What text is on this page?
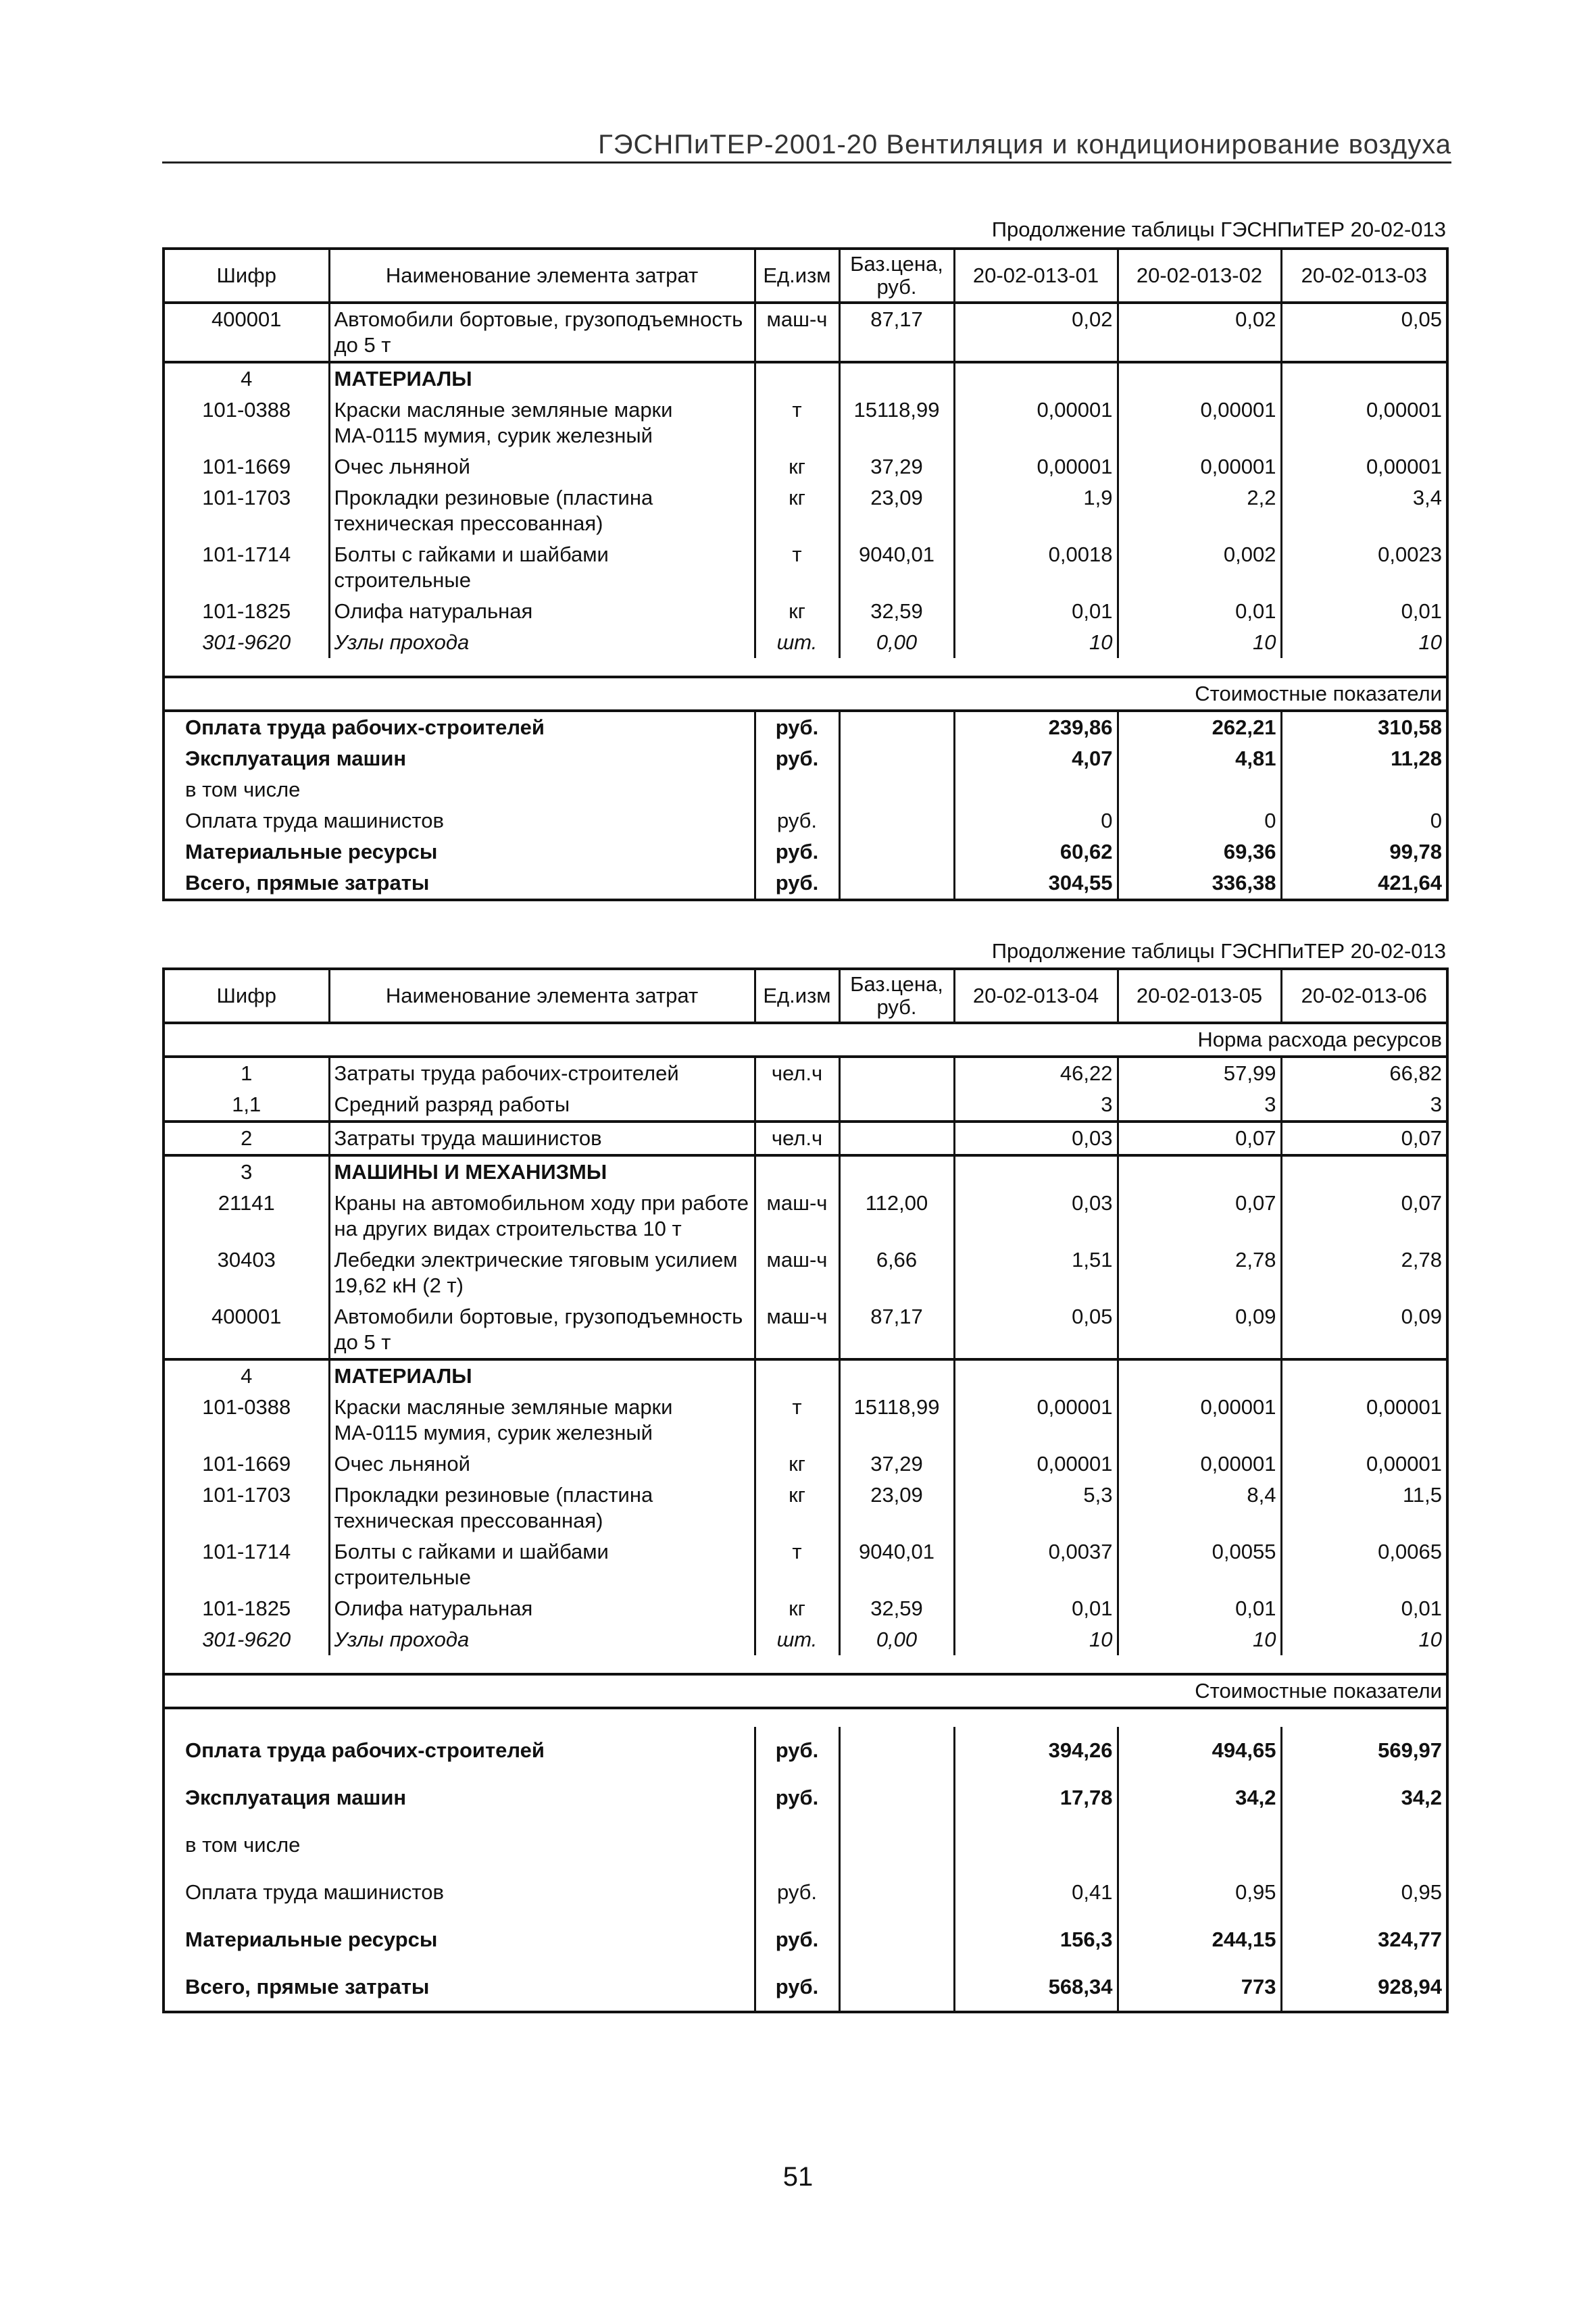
ГЭСНПиТЕР-2001-20 Вентиляция и кондиционирование воздуха
Продолжение таблицы ГЭСНПиТЕР 20-02-013
Шифр	Наименование элемента затрат	Ед.изм	Баз.цена, руб.	20-02-013-01	20-02-013-02	20-02-013-03
400001	Автомобили бортовые, грузоподъемность до 5 т	маш-ч	87,17	0,02	0,02	0,05
4	МАТЕРИАЛЫ					
101-0388	Краски масляные земляные марки МА-0115 мумия, сурик железный	т	15118,99	0,00001	0,00001	0,00001
101-1669	Очес льняной	кг	37,29	0,00001	0,00001	0,00001
101-1703	Прокладки резиновые (пластина техническая прессованная)	кг	23,09	1,9	2,2	3,4
101-1714	Болты с гайками и шайбами строительные	т	9040,01	0,0018	0,002	0,0023
101-1825	Олифа натуральная	кг	32,59	0,01	0,01	0,01
301-9620	Узлы прохода	шт.	0,00	10	10	10

Стоимостные показатели						
Оплата труда рабочих-строителей		руб.		239,86	262,21	310,58
Эксплуатация машин		руб.		4,07	4,81	11,28
в том числе						
Оплата труда машинистов		руб.		0	0	0
Материальные ресурсы		руб.		60,62	69,36	99,78
Всего, прямые затраты		руб.		304,55	336,38	421,64
Продолжение таблицы ГЭСНПиТЕР 20-02-013
Шифр	Наименование элемента затрат	Ед.изм	Баз.цена, руб.	20-02-013-04	20-02-013-05	20-02-013-06
Норма расхода ресурсов						
1	Затраты труда рабочих-строителей	чел.ч		46,22	57,99	66,82
1,1	Средний разряд работы			3	3	3
2	Затраты труда машинистов	чел.ч		0,03	0,07	0,07
3	МАШИНЫ И МЕХАНИЗМЫ					
21141	Краны на автомобильном ходу при работе на других видах строительства 10 т	маш-ч	112,00	0,03	0,07	0,07
30403	Лебедки электрические тяговым усилием 19,62 кН (2 т)	маш-ч	6,66	1,51	2,78	2,78
400001	Автомобили бортовые, грузоподъемность до 5 т	маш-ч	87,17	0,05	0,09	0,09
4	МАТЕРИАЛЫ					
101-0388	Краски масляные земляные марки МА-0115 мумия, сурик железный	т	15118,99	0,00001	0,00001	0,00001
101-1669	Очес льняной	кг	37,29	0,00001	0,00001	0,00001
101-1703	Прокладки резиновые (пластина техническая прессованная)	кг	23,09	5,3	8,4	11,5
101-1714	Болты с гайками и шайбами строительные	т	9040,01	0,0037	0,0055	0,0065
101-1825	Олифа натуральная	кг	32,59	0,01	0,01	0,01
301-9620	Узлы прохода	шт.	0,00	10	10	10

Стоимостные показатели						

Оплата труда рабочих-строителей		руб.		394,26	494,65	569,97
Эксплуатация машин		руб.		17,78	34,2	34,2
в том числе						
Оплата труда машинистов		руб.		0,41	0,95	0,95
Материальные ресурсы		руб.		156,3	244,15	324,77
Всего, прямые затраты		руб.		568,34	773	928,94
51
